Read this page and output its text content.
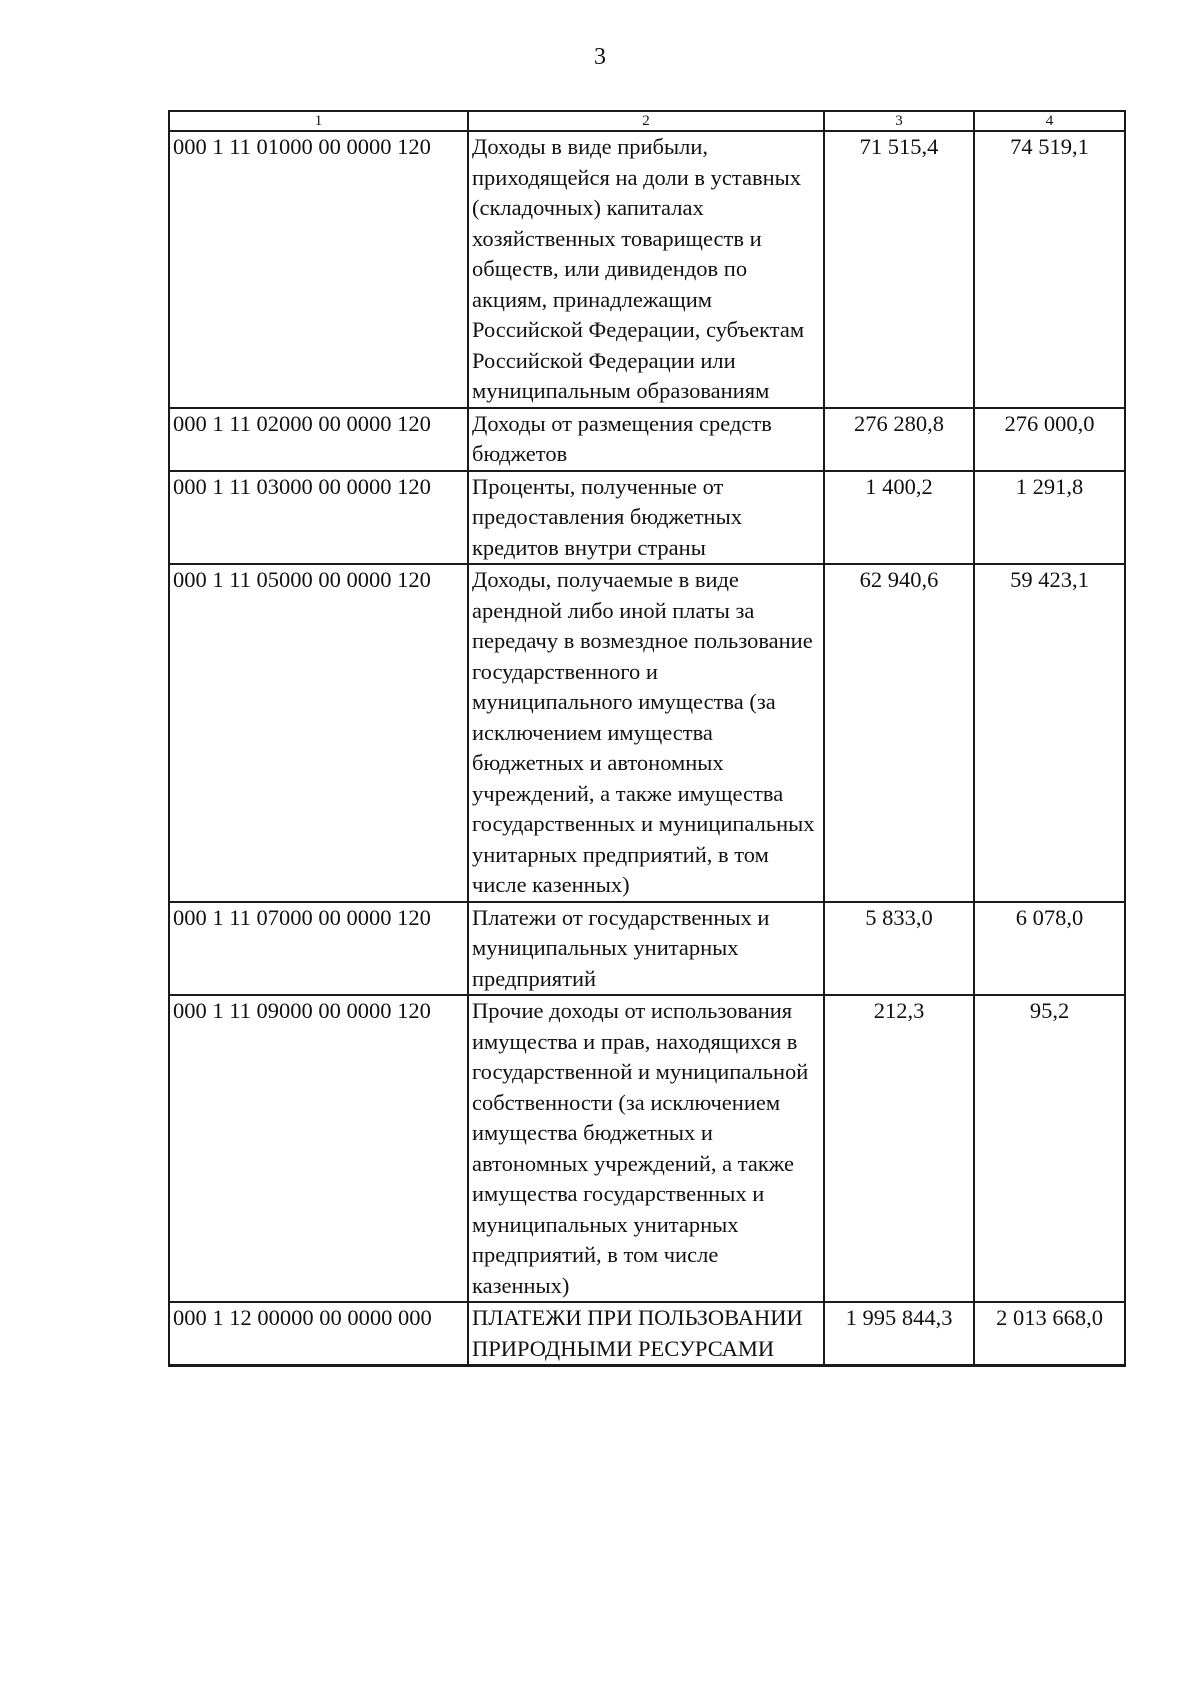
3
1	2	3	4
000 1 11 01000 00 0000 120	Доходы в виде прибыли, приходящейся на доли в уставных (складочных) капиталах хозяйственных товариществ и обществ, или дивидендов по акциям, принадлежащим Российской Федерации, субъектам Российской Федерации или муниципальным образованиям	71 515,4	74 519,1
000 1 11 02000 00 0000 120	Доходы от размещения средств бюджетов	276 280,8	276 000,0
000 1 11 03000 00 0000 120	Проценты, полученные от предоставления бюджетных кредитов внутри страны	1 400,2	1 291,8
000 1 11 05000 00 0000 120	Доходы, получаемые в виде арендной либо иной платы за передачу в возмездное пользование государственного и муниципального имущества (за исключением имущества бюджетных и автономных учреждений, а также имущества государственных и муниципальных унитарных предприятий, в том числе казенных)	62 940,6	59 423,1
000 1 11 07000 00 0000 120	Платежи от государственных и муниципальных унитарных предприятий	5 833,0	6 078,0
000 1 11 09000 00 0000 120	Прочие доходы от использования имущества и прав, находящихся в государственной и муниципальной собственности (за исключением имущества бюджетных и автономных учреждений, а также имущества государственных и муниципальных унитарных предприятий, в том числе казенных)	212,3	95,2
000 1 12 00000 00 0000 000	ПЛАТЕЖИ ПРИ ПОЛЬЗОВАНИИ ПРИРОДНЫМИ РЕСУРСАМИ	1 995 844,3	2 013 668,0
